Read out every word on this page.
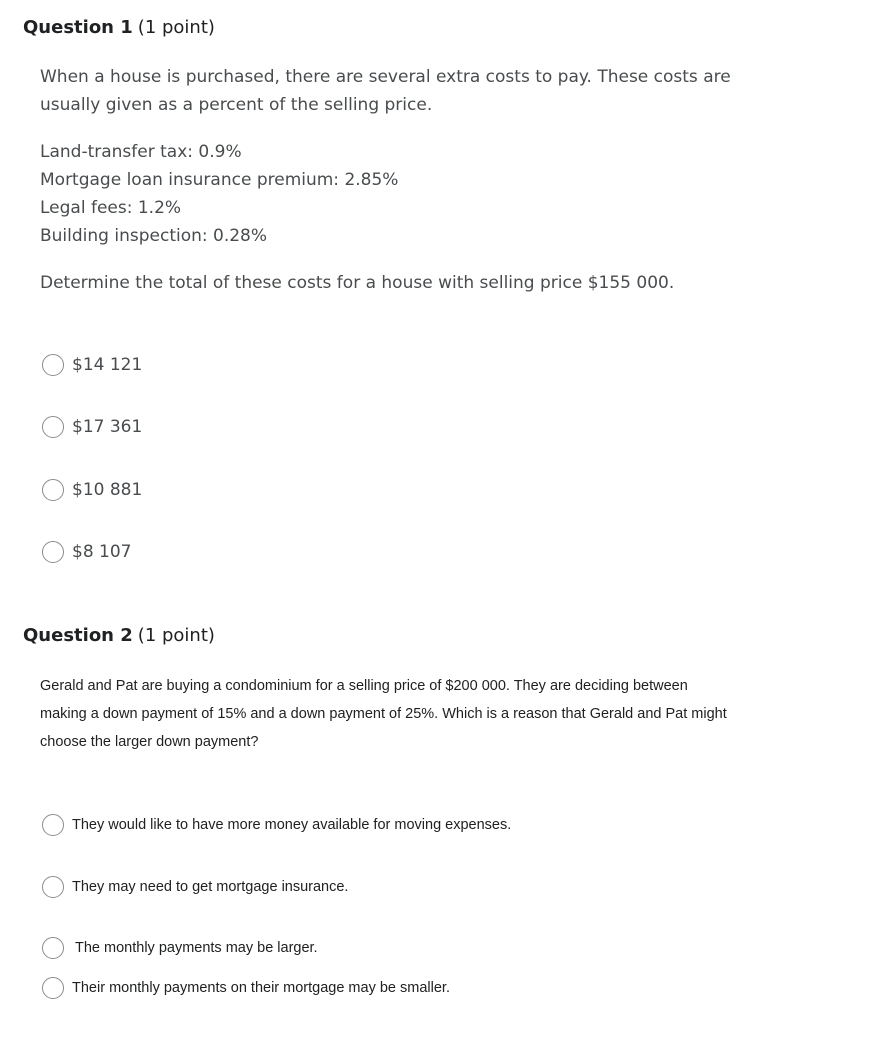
Question 1 (1 point)
When a house is purchased, there are several extra costs to pay. These costs are
usually given as a percent of the selling price.
Land-transfer tax: 0.9%
Mortgage loan insurance premium: 2.85%
Legal fees: 1.2%
Building inspection: 0.28%
Determine the total of these costs for a house with selling price $155 000.
$14 121
$17 361
$10 881
$8 107
Question 2 (1 point)
Gerald and Pat are buying a condominium for a selling price of $200 000. They are deciding between
making a down payment of 15% and a down payment of 25%. Which is a reason that Gerald and Pat might
choose the larger down payment?
They would like to have more money available for moving expenses.
They may need to get mortgage insurance.
The monthly payments may be larger.
Their monthly payments on their mortgage may be smaller.
